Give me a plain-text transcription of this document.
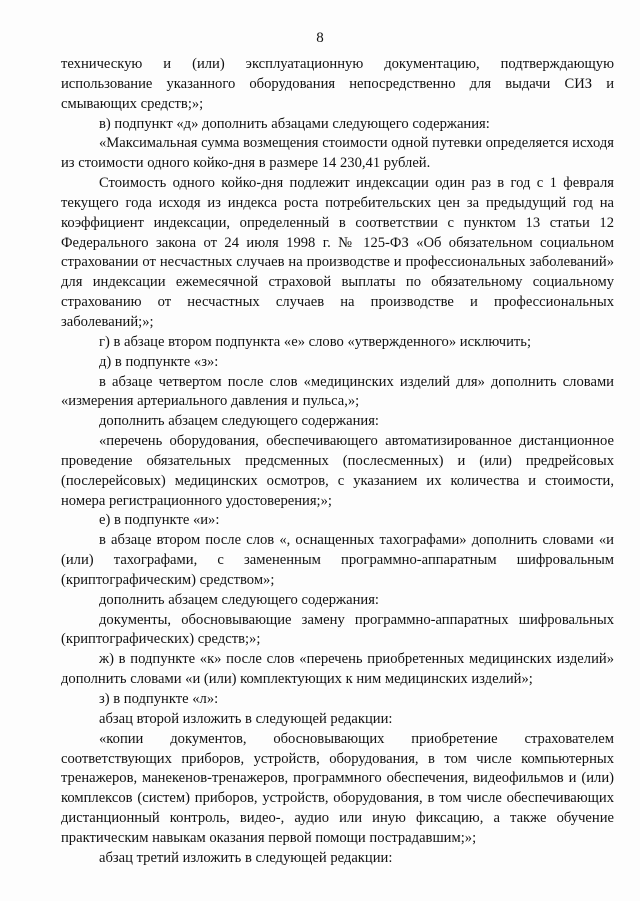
8

техническую и (или) эксплуатационную документацию, подтверждающую использование указанного оборудования непосредственно для выдачи СИЗ и смывающих средств;»;

в) подпункт «д» дополнить абзацами следующего содержания:

«Максимальная сумма возмещения стоимости одной путевки определяется исходя из стоимости одного койко-дня в размере 14 230,41 рублей.

Стоимость одного койко-дня подлежит индексации один раз в год с 1 февраля текущего года исходя из индекса роста потребительских цен за предыдущий год на коэффициент индексации, определенный в соответствии с пунктом 13 статьи 12 Федерального закона от 24 июля 1998 г. № 125-ФЗ «Об обязательном социальном страховании от несчастных случаев на производстве и профессиональных заболеваний» для индексации ежемесячной страховой выплаты по обязательному социальному страхованию от несчастных случаев на производстве и профессиональных заболеваний;»;

г) в абзаце втором подпункта «е» слово «утвержденного» исключить;

д) в подпункте «з»:

в абзаце четвертом после слов «медицинских изделий для» дополнить словами «измерения артериального давления и пульса,»;

дополнить абзацем следующего содержания:

«перечень оборудования, обеспечивающего автоматизированное дистанционное проведение обязательных предсменных (послесменных) и (или) предрейсовых (послерейсовых) медицинских осмотров, с указанием их количества и стоимости, номера регистрационного удостоверения;»;

е) в подпункте «и»:

в абзаце втором после слов «, оснащенных тахографами» дополнить словами «и (или) тахографами, с замененным программно-аппаратным шифровальным (криптографическим) средством»;

дополнить абзацем следующего содержания:

документы, обосновывающие замену программно-аппаратных шифровальных (криптографических) средств;»;

ж) в подпункте «к» после слов «перечень приобретенных медицинских изделий» дополнить словами «и (или) комплектующих к ним медицинских изделий»;

з) в подпункте «л»:

абзац второй изложить в следующей редакции:

«копии документов, обосновывающих приобретение страхователем соответствующих приборов, устройств, оборудования, в том числе компьютерных тренажеров, манекенов-тренажеров, программного обеспечения, видеофильмов и (или) комплексов (систем) приборов, устройств, оборудования, в том числе обеспечивающих дистанционный контроль, видео-, аудио или иную фиксацию, а также обучение практическим навыкам оказания первой помощи пострадавшим;»;

абзац третий изложить в следующей редакции:
